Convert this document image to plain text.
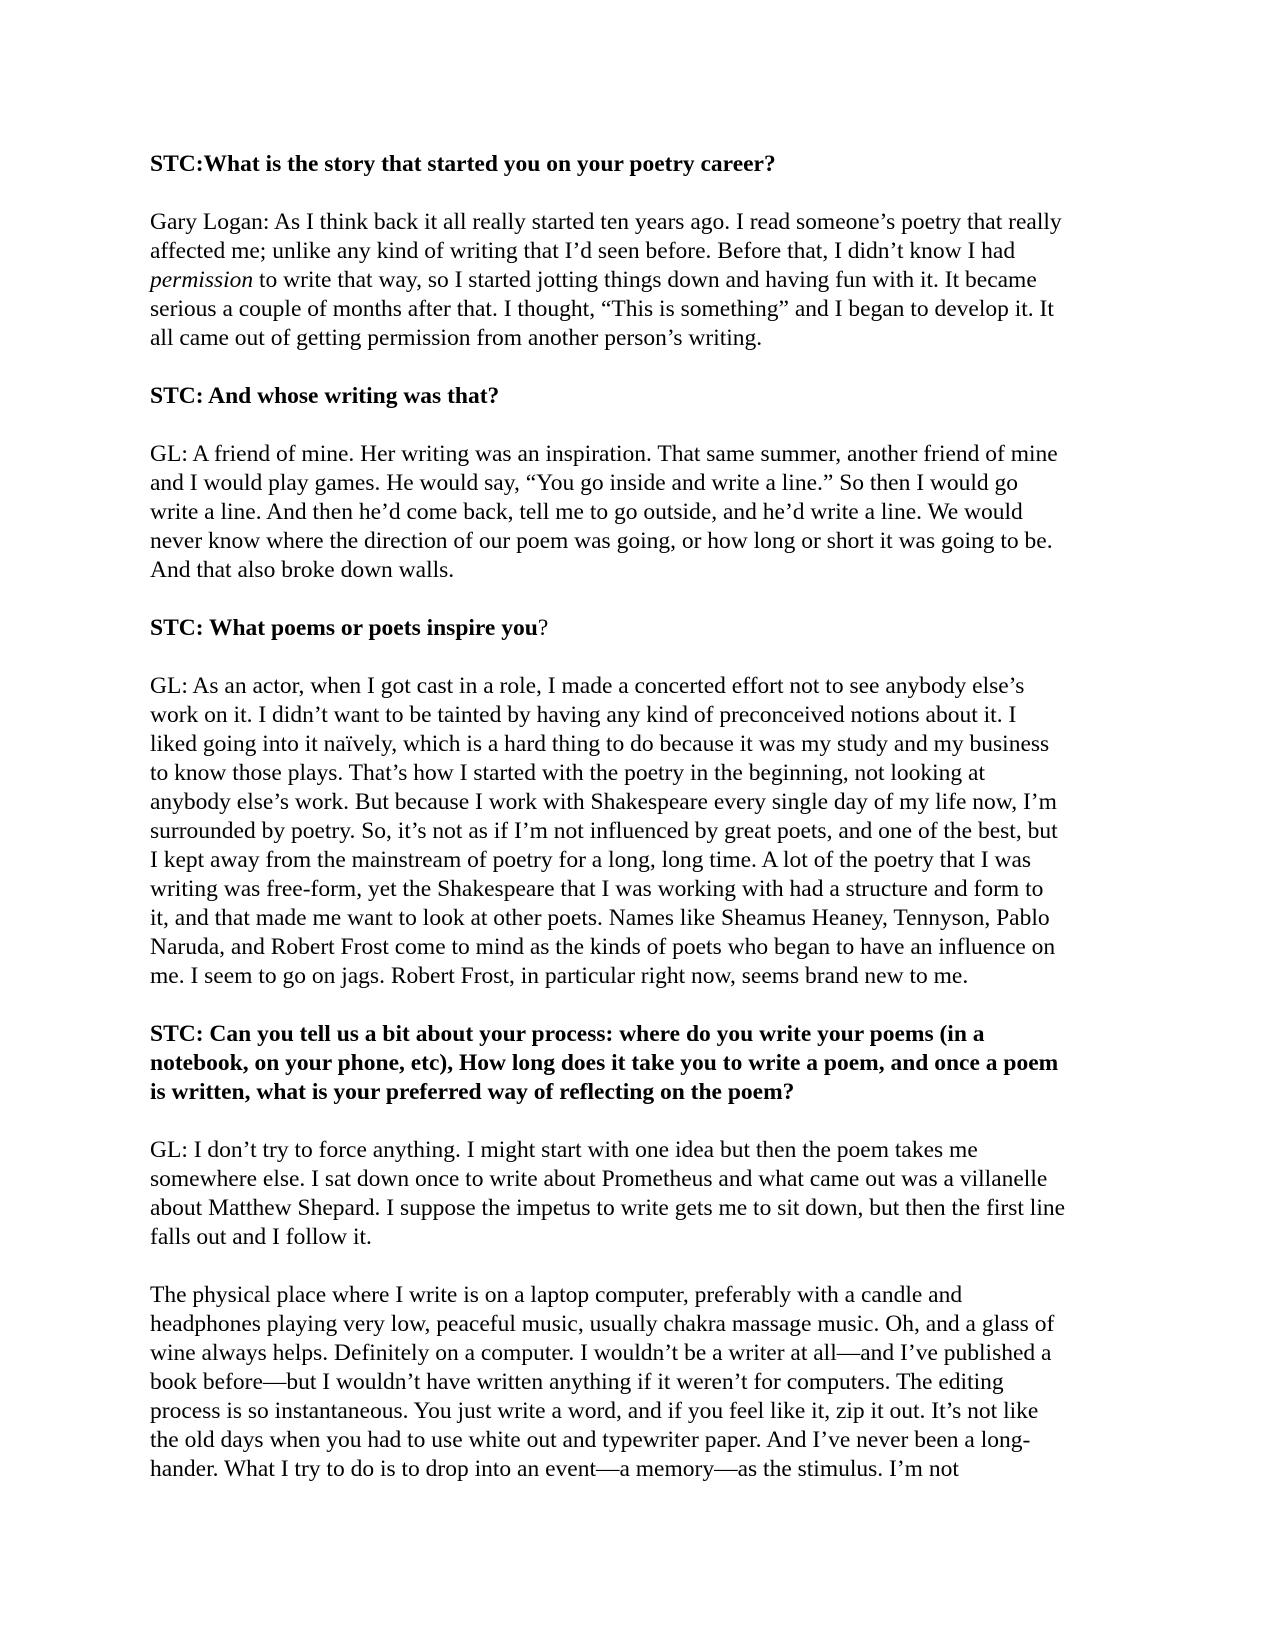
STC:What is the story that started you on your poetry career?

Gary Logan: As I think back it all really started ten years ago. I read someone’s poetry that really
affected me; unlike any kind of writing that I’d seen before. Before that, I didn’t know I had
permission to write that way, so I started jotting things down and having fun with it. It became
serious a couple of months after that. I thought, “This is something” and I began to develop it. It
all came out of getting permission from another person’s writing.

STC: And whose writing was that?

GL: A friend of mine. Her writing was an inspiration. That same summer, another friend of mine
and I would play games. He would say, “You go inside and write a line.” So then I would go
write a line. And then he’d come back, tell me to go outside, and he’d write a line. We would
never know where the direction of our poem was going, or how long or short it was going to be.
And that also broke down walls.

STC: What poems or poets inspire you?

GL: As an actor, when I got cast in a role, I made a concerted effort not to see anybody else’s
work on it. I didn’t want to be tainted by having any kind of preconceived notions about it. I
liked going into it naïvely, which is a hard thing to do because it was my study and my business
to know those plays. That’s how I started with the poetry in the beginning, not looking at
anybody else’s work. But because I work with Shakespeare every single day of my life now, I’m
surrounded by poetry. So, it’s not as if I’m not influenced by great poets, and one of the best, but
I kept away from the mainstream of poetry for a long, long time. A lot of the poetry that I was
writing was free-form, yet the Shakespeare that I was working with had a structure and form to
it, and that made me want to look at other poets. Names like Sheamus Heaney, Tennyson, Pablo
Naruda, and Robert Frost come to mind as the kinds of poets who began to have an influence on
me. I seem to go on jags. Robert Frost, in particular right now, seems brand new to me.

STC: Can you tell us a bit about your process: where do you write your poems (in a
notebook, on your phone, etc), How long does it take you to write a poem, and once a poem
is written, what is your preferred way of reflecting on the poem?

GL: I don’t try to force anything. I might start with one idea but then the poem takes me
somewhere else. I sat down once to write about Prometheus and what came out was a villanelle
about Matthew Shepard. I suppose the impetus to write gets me to sit down, but then the first line
falls out and I follow it.

The physical place where I write is on a laptop computer, preferably with a candle and
headphones playing very low, peaceful music, usually chakra massage music. Oh, and a glass of
wine always helps. Definitely on a computer. I wouldn’t be a writer at all—and I’ve published a
book before—but I wouldn’t have written anything if it weren’t for computers. The editing
process is so instantaneous. You just write a word, and if you feel like it, zip it out. It’s not like
the old days when you had to use white out and typewriter paper. And I’ve never been a long-
hander. What I try to do is to drop into an event—a memory—as the stimulus. I’m not
